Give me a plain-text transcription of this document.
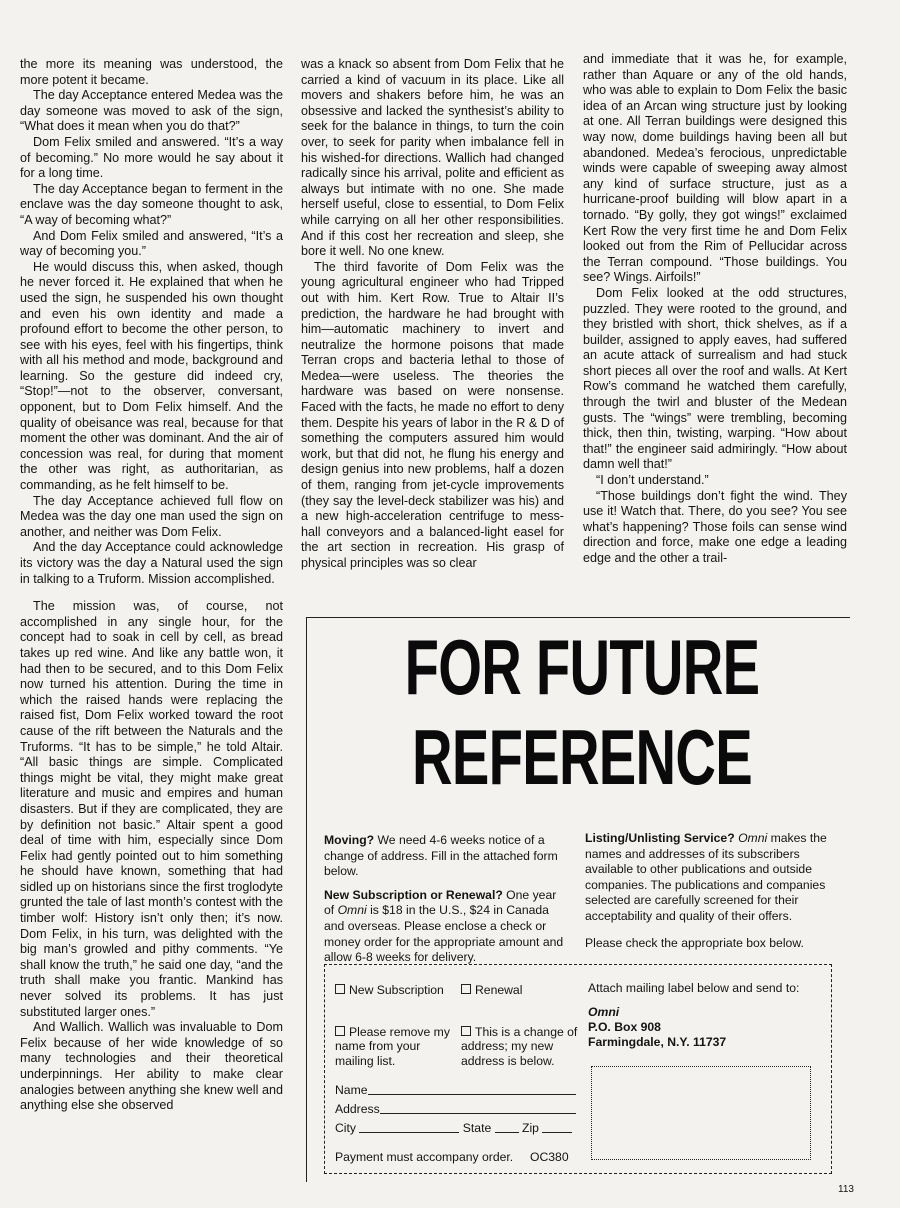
the more its meaning was understood, the more potent it became.

The day Acceptance entered Medea was the day someone was moved to ask of the sign, “What does it mean when you do that?”

Dom Felix smiled and answered. “It’s a way of becoming.” No more would he say about it for a long time.

The day Acceptance began to ferment in the enclave was the day someone thought to ask, “A way of becoming what?”

And Dom Felix smiled and answered, “It’s a way of becoming you.”

He would discuss this, when asked, though he never forced it. He explained that when he used the sign, he suspended his own thought and even his own identity and made a profound effort to become the other person, to see with his eyes, feel with his fingertips, think with all his method and mode, background and learning. So the gesture did indeed cry, “Stop!”—not to the observer, conversant, opponent, but to Dom Felix himself. And the quality of obeisance was real, because for that moment the other was dominant. And the air of concession was real, for during that moment the other was right, as authoritarian, as commanding, as he felt himself to be.

The day Acceptance achieved full flow on Medea was the day one man used the sign on another, and neither was Dom Felix.

And the day Acceptance could acknowledge its victory was the day a Natural used the sign in talking to a Truform. Mission accomplished.

The mission was, of course, not accomplished in any single hour, for the concept had to soak in cell by cell, as bread takes up red wine. And like any battle won, it had then to be secured, and to this Dom Felix now turned his attention. During the time in which the raised hands were replacing the raised fist, Dom Felix worked toward the root cause of the rift between the Naturals and the Truforms. “It has to be simple,” he told Altair. “All basic things are simple. Complicated things might be vital, they might make great literature and music and empires and human disasters. But if they are complicated, they are by definition not basic.” Altair spent a good deal of time with him, especially since Dom Felix had gently pointed out to him something he should have known, something that had sidled up on historians since the first troglodyte grunted the tale of last month’s contest with the timber wolf: History isn’t only then; it’s now. Dom Felix, in his turn, was delighted with the big man’s growled and pithy comments. “Ye shall know the truth,” he said one day, “and the truth shall make you frantic. Mankind has never solved its problems. It has just substituted larger ones.”

And Wallich. Wallich was invaluable to Dom Felix because of her wide knowledge of so many technologies and their theoretical underpinnings. Her ability to make clear analogies between anything she knew well and anything else she observed

was a knack so absent from Dom Felix that he carried a kind of vacuum in its place. Like all movers and shakers before him, he was an obsessive and lacked the synthesist’s ability to seek for the balance in things, to turn the coin over, to seek for parity when imbalance fell in his wished-for directions. Wallich had changed radically since his arrival, polite and efficient as always but intimate with no one. She made herself useful, close to essential, to Dom Felix while carrying on all her other responsibilities. And if this cost her recreation and sleep, she bore it well. No one knew.

The third favorite of Dom Felix was the young agricultural engineer who had Tripped out with him. Kert Row. True to Altair II’s prediction, the hardware he had brought with him—automatic machinery to invert and neutralize the hormone poisons that made Terran crops and bacteria lethal to those of Medea—were useless. The theories the hardware was based on were nonsense. Faced with the facts, he made no effort to deny them. Despite his years of labor in the R & D of something the computers assured him would work, but that did not, he flung his energy and design genius into new problems, half a dozen of them, ranging from jet-cycle improvements (they say the level-deck stabilizer was his) and a new high-acceleration centrifuge to mess-hall conveyors and a balanced-light easel for the art section in recreation. His grasp of physical principles was so clear

and immediate that it was he, for example, rather than Aquare or any of the old hands, who was able to explain to Dom Felix the basic idea of an Arcan wing structure just by looking at one. All Terran buildings were designed this way now, dome buildings having been all but abandoned. Medea’s ferocious, unpredictable winds were capable of sweeping away almost any kind of surface structure, just as a hurricane-proof building will blow apart in a tornado. “By golly, they got wings!” exclaimed Kert Row the very first time he and Dom Felix looked out from the Rim of Pellucidar across the Terran compound. “Those buildings. You see? Wings. Airfoils!”

Dom Felix looked at the odd structures, puzzled. They were rooted to the ground, and they bristled with short, thick shelves, as if a builder, assigned to apply eaves, had suffered an acute attack of surrealism and had stuck short pieces all over the roof and walls. At Kert Row’s command he watched them carefully, through the twirl and bluster of the Medean gusts. The “wings” were trembling, becoming thick, then thin, twisting, warping. “How about that!” the engineer said admiringly. “How about damn well that!”

“I don’t understand.”

“Those buildings don’t fight the wind. They use it! Watch that. There, do you see? You see what’s happening? Those foils can sense wind direction and force, make one edge a leading edge and the other a trail-

FOR FUTURE
REFERENCE

Moving? We need 4-6 weeks notice of a change of address. Fill in the attached form below.

New Subscription or Renewal? One year of Omni is $18 in the U.S., $24 in Canada and overseas. Please enclose a check or money order for the appropriate amount and allow 6-8 weeks for delivery.

Listing/Unlisting Service? Omni makes the names and addresses of its subscribers available to other publications and outside companies. The publications and companies selected are carefully screened for their acceptability and quality of their offers.

Please check the appropriate box below.
New Subscription	Renewal
Please remove my name from your mailing list.
This is a change of address; my new address is below.
Name
Address
City	State	Zip
Payment must accompany order. OC380
Attach mailing label below and send to:
Omni
P.O. Box 908
Farmingdale, N.Y. 11737
113
